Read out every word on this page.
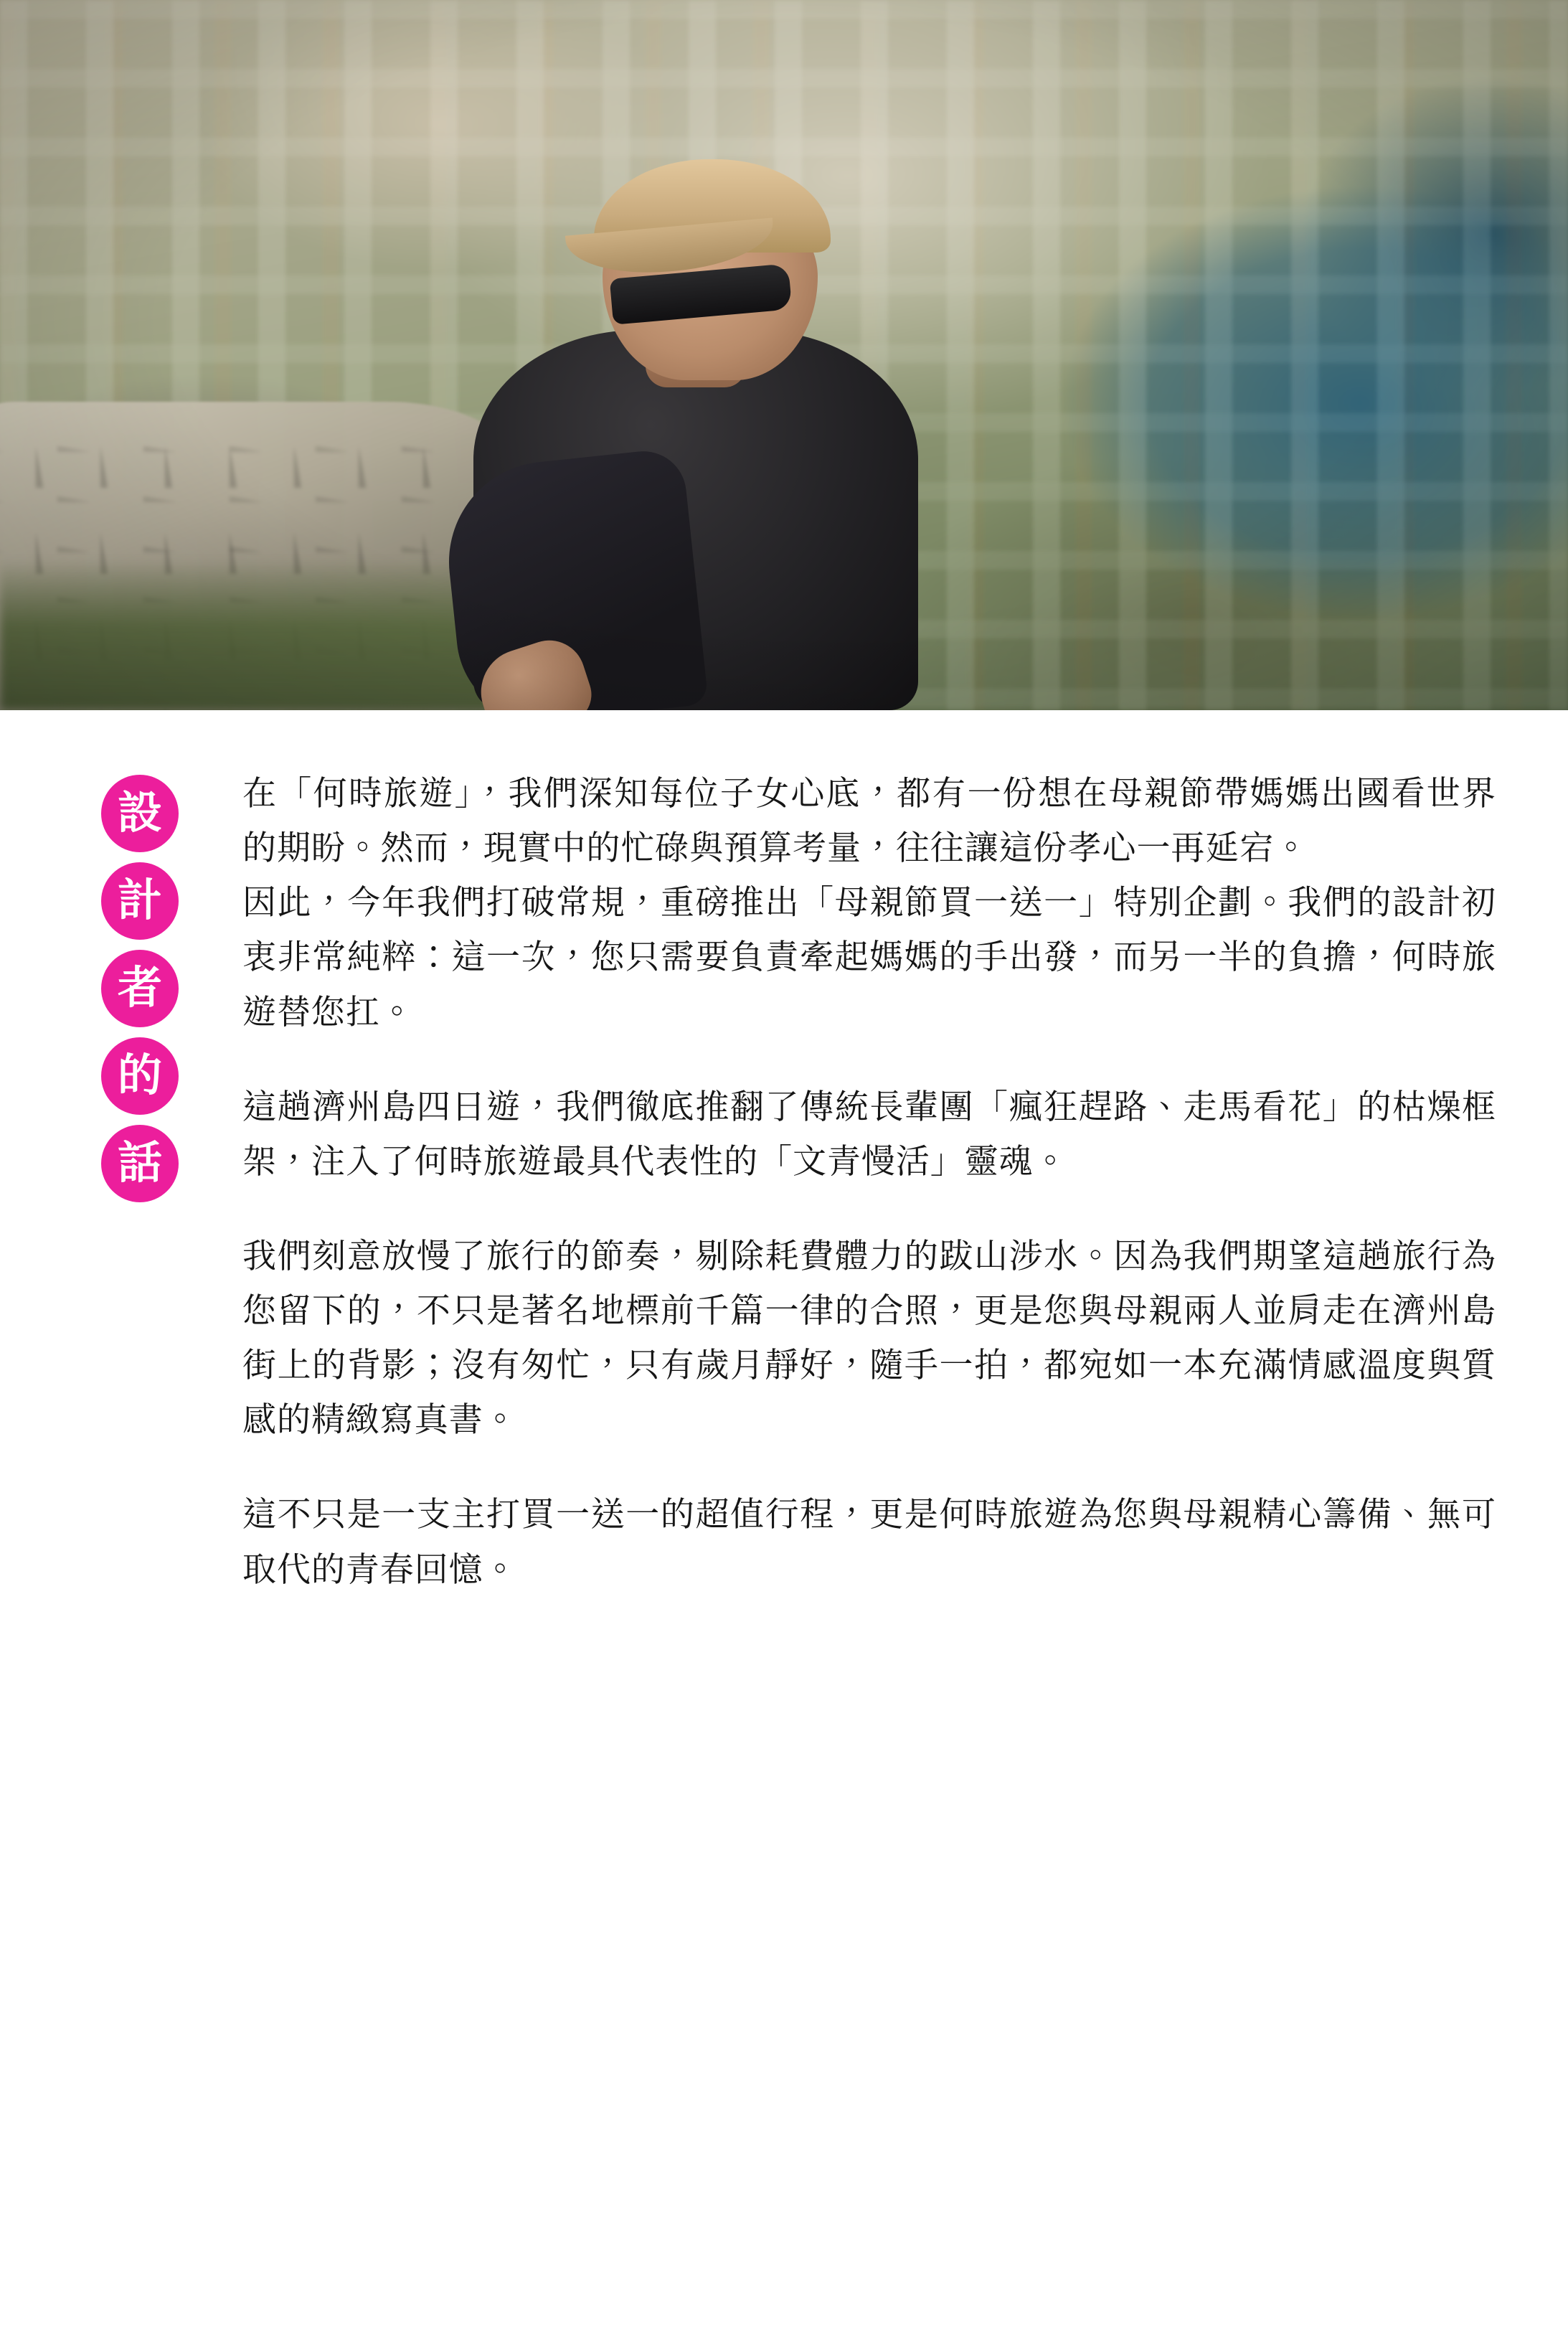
設
計
者
的
話

在「何時旅遊」，我們深知每位子女心底，都有一份想在母親節帶媽媽出國看世界的期盼。然而，現實中的忙碌與預算考量，往往讓這份孝心一再延宕。

因此，今年我們打破常規，重磅推出「母親節買一送一」特別企劃。我們的設計初衷非常純粹：這一次，您只需要負責牽起媽媽的手出發，而另一半的負擔，何時旅遊替您扛。

這趟濟州島四日遊，我們徹底推翻了傳統長輩團「瘋狂趕路、走馬看花」的枯燥框架，注入了何時旅遊最具代表性的「文青慢活」靈魂。

我們刻意放慢了旅行的節奏，剔除耗費體力的跋山涉水。因為我們期望這趟旅行為您留下的，不只是著名地標前千篇一律的合照，更是您與母親兩人並肩走在濟州島街上的背影；沒有匆忙，只有歲月靜好，隨手一拍，都宛如一本充滿情感溫度與質感的精緻寫真書。

這不只是一支主打買一送一的超值行程，更是何時旅遊為您與母親精心籌備、無可取代的青春回憶。
